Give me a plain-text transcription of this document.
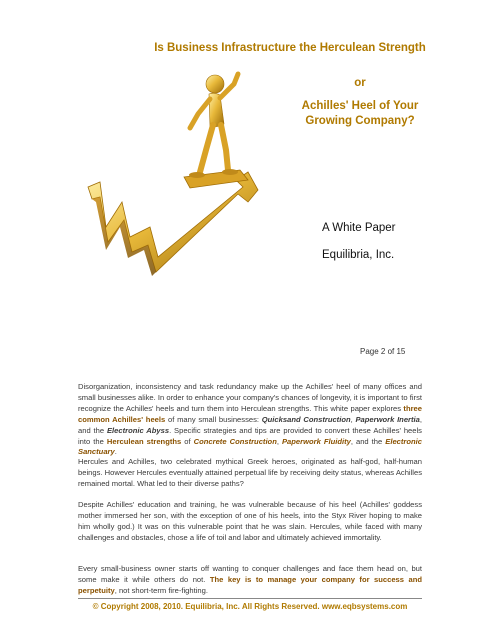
Is Business Infrastructure the Herculean Strength
or
Achilles' Heel of Your Growing Company?
A White Paper
Equilibria, Inc.
Page 2 of 15
Disorganization, inconsistency and task redundancy make up the Achilles' heel of many offices and small businesses alike. In order to enhance your company's chances of longevity, it is important to first recognize the Achilles' heels and turn them into Herculean strengths. This white paper explores three common Achilles' heels of many small businesses: Quicksand Construction, Paperwork Inertia, and the Electronic Abyss. Specific strategies and tips are provided to convert these Achilles' heels into the Herculean strengths of Concrete Construction, Paperwork Fluidity, and the Electronic Sanctuary.
Hercules and Achilles, two celebrated mythical Greek heroes, originated as half-god, half-human beings. However Hercules eventually attained perpetual life by receiving deity status, whereas Achilles remained mortal. What led to their diverse paths?
Despite Achilles' education and training, he was vulnerable because of his heel (Achilles' goddess mother immersed her son, with the exception of one of his heels, into the Styx River hoping to make him wholly god.) It was on this vulnerable point that he was slain. Hercules, while faced with many challenges and obstacles, chose a life of toil and labor and ultimately achieved immortality.
Every small-business owner starts off wanting to conquer challenges and face them head on, but some make it while others do not. The key is to manage your company for success and perpetuity, not short-term fire-fighting.
© Copyright 2008, 2010. Equilibria, Inc. All Rights Reserved. www.eqbsystems.com
